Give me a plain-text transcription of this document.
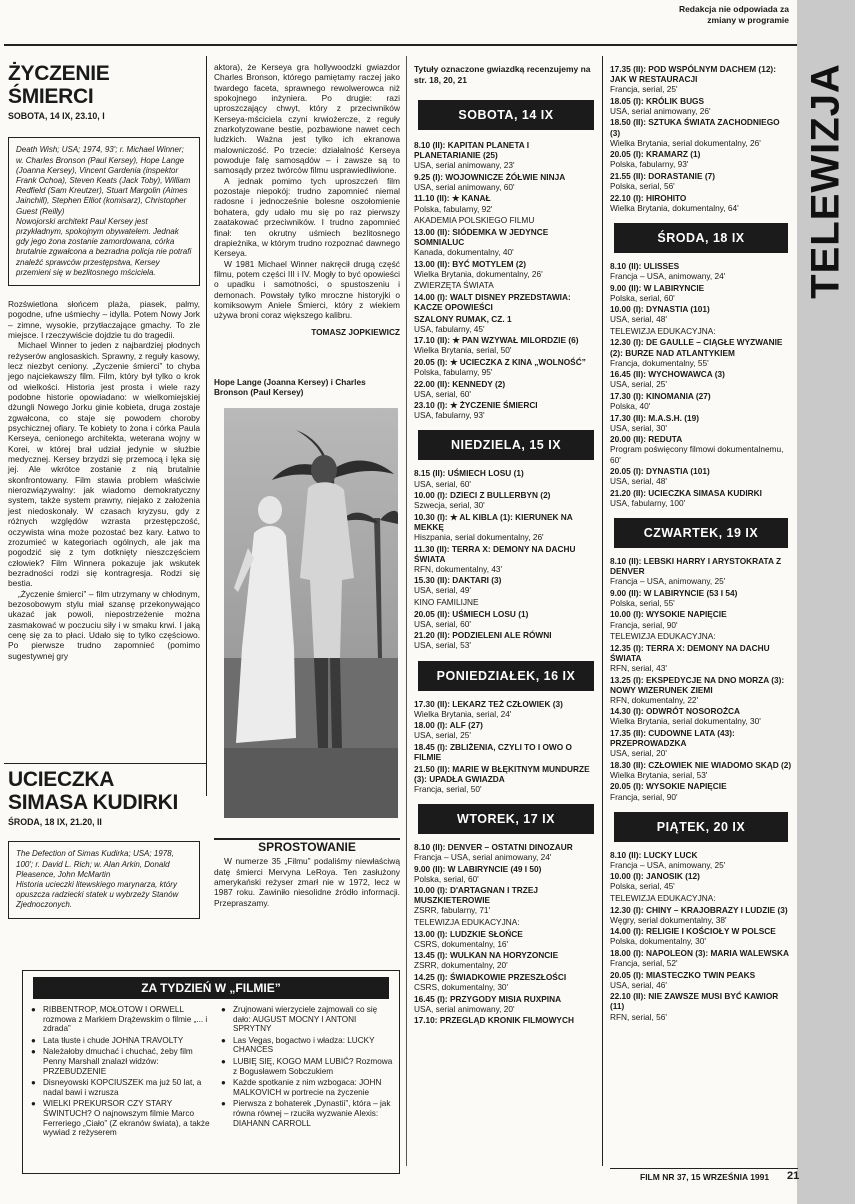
Redakcja nie odpowiada za zmiany w programie
TELEWIZJA
ŻYCZENIE
ŚMIERCI
SOBOTA, 14 IX, 23.10, I
Death Wish; USA; 1974, 93'; r. Michael Winner; w. Charles Bronson (Paul Kersey), Hope Lange (Joanna Kersey), Vincent Gardenia (inspektor Frank Ochoa), Steven Keats (Jack Toby), William Redfield (Sam Kreutzer), Stuart Margolin (Aimes Jainchill), Stephen Elliot (komisarz), Christopher Guest (Reilly)
Nowojorski architekt Paul Kersey jest przykładnym, spokojnym obywatelem. Jednak gdy jego żona zostanie zamordowana, córka brutalnie zgwałcona a bezradna policja nie potrafi znaleźć sprawców przestępstwa, Kersey przemieni się w bezlitosnego mściciela.

Rozświetlona słońcem plaża, piasek, palmy, pogodne, ufne uśmiechy – idylla. Potem Nowy Jork – zimne, wysokie, przytłaczające gmachy. To zle miejsce. I rzeczywiście dojdzie tu do tragedii.

Michael Winner to jeden z najbardziej płodnych reżyserów anglosaskich. Sprawny, z reguły kasowy, lecz niezbyt ceniony. „Życzenie śmierci” to chyba jego najciekawszy film. Film, który był tylko o krok od wielkości. Historia jest prosta i wiele razy podobne historie opowiadano: w wielkomiejskiej dżungli Nowego Jorku ginie kobieta, druga zostaje zgwałcona, co staje się powodem choroby psychicznej ofiary. Te kobiety to żona i córka Paula Kerseya, cenionego architekta, weterana wojny w Korei, w której brał udział jedynie w służbie medycznej. Kersey brzydzi się przemocą i lęka się jej. Ale wkrótce zostanie z nią brutalnie skonfrontowany. Film stawia problem właściwie nierozwiązywalny: jak wiadomo demokratyczny system, także system prawny, niejako z założenia jest niedoskonały. W czasach kryzysu, gdy z różnych względów wzrasta przestępczość, oczywista wina może pozostać bez kary. Łatwo to zrozumieć w kategoriach ogólnych, ale jak ma pogodzić się z tym dotknięty nieszczęściem człowiek? Film Winnera pokazuje jak wskutek bezradności rodzi się kontragresja. Rodzi się bestia.

„Życzenie śmierci” – film utrzymany w chłodnym, bezosobowym stylu miał szansę przekonywająco ukazać jak powoli, niepostrzeżenie można zasmakować w poczuciu siły i w smaku krwi. I jaką cenę się za to płaci. Udało się to tylko częściowo. Po pierwsze trudno zapomnieć (pomimo sugestywnej gry

aktora), że Kerseya gra hollywoodzki gwiazdor Charles Bronson, którego pamiętamy raczej jako twardego faceta, sprawnego rewolwerowca niż spokojnego inżyniera. Po drugie: razi uproszczający chwyt, który z przeciwników Kerseya-mściciela czyni krwiożercze, z reguły znarkotyzowane bestie, pozbawione nawet cech ludzkich. Ważna jest tylko ich ekranowa malowniczość. Po trzecie: działalność Kerseya powoduje falę samosądów – i zawsze są to samosądy przez twórców filmu usprawiedliwione.

A jednak pomimo tych uproszczeń film pozostaje niepokój: trudno zapomnieć niemal radosne i jednocześnie bolesne oszołomienie bohatera, gdy udało mu się po raz pierwszy zaatakować przeciwników. I trudno zapomnieć finał: ten okrutny uśmiech bezlitosnego drapieżnika, w którym trudno rozpoznać dawnego Kerseya.

W 1981 Michael Winner nakręcił drugą część filmu, potem części III i IV. Mogły to być opowieści o upadku i samotności, o spustoszeniu i demonach. Powstały tylko mroczne historyjki o komiksowym Aniele Śmierci, który z wiekiem używa broni coraz większego kalibru.

TOMASZ JOPKIEWICZ
Hope Lange (Joanna Kersey) i Charles Bronson (Paul Kersey)
UCIECZKA
SIMASA KUDIRKI
ŚRODA, 18 IX, 21.20, II
The Defection of Simas Kudirka; USA; 1978, 100'; r. David L. Rich; w. Alan Arkin, Donald Pleasence, John McMartin
Historia ucieczki litewskiego marynarza, który opuszcza radziecki statek u wybrzeży Stanów Zjednoczonych.
SPROSTOWANIE
W numerze 35 „Filmu” podaliśmy niewłaściwą datę śmierci Mervyna LeRoya. Ten zasłużony amerykański reżyser zmarł nie w 1972, lecz w 1987 roku. Zawiniło niesolidne źródło informacji. Przepraszamy.
ZA TYDZIEŃ W „FILMIE”
● RIBBENTROP, MOŁOTOW I ORWELL rozmowa z Markiem Drążewskim o filmie „... i zdrada”
● Lata tłuste i chude JOHNA TRAVOLTY
● Należałoby dmuchać i chuchać, żeby film Penny Marshall znalazł widzów: PRZEBUDZENIE
● Disneyowski KOPCIUSZEK ma już 50 lat, a nadal bawi i wzrusza
● WIELKI PREKURSOR CZY STARY ŚWINTUCH? O najnowszym filmie Marco Ferreriego „Ciało” (Z ekranów świata), a także wywiad z reżyserem
● Zrujnowani wierzyciele zajmowali co się dało: AUGUST MOCNY I ANTONI SPRYTNY
● Las Vegas, bogactwo i władza: LUCKY CHANCES
● LUBIĘ SIĘ, KOGO MAM LUBIĆ? Rozmowa z Bogusławem Sobczukiem
● Każde spotkanie z nim wzbogaca: JOHN MALKOVICH w portrecie na życzenie
● Pierwsza z bohaterek „Dynastii”, która – jak równa równej – rzuciła wyzwanie Alexis: DIAHANN CARROLL
Tytuły oznaczone gwiazdką recenzujemy na str. 18, 20, 21
SOBOTA, 14 IX
8.10 (II): KAPITAN PLANETA I PLANETARIANIE (25)
USA, serial animowany, 23'
9.25 (I): WOJOWNICZE ŻÓŁWIE NINJA
USA, serial animowany, 60'
11.10 (II): ★ KANAŁ
Polska, fabularny, 92'
AKADEMIA POLSKIEGO FILMU
13.00 (II): SIÓDEMKA W JEDYNCE SOMNIALUC
Kanada, dokumentalny, 40'
13.00 (II): BYĆ MOTYLEM (2)
Wielka Brytania, dokumentalny, 26'
ZWIERZĘTA ŚWIATA
14.00 (I): WALT DISNEY PRZEDSTAWIA: KACZE OPOWIEŚCI
SZALONY RUMAK, CZ. 1
USA, fabularny, 45'
17.10 (II): ★ PAN WZYWAŁ MILORDZIE (6)
Wielka Brytania, serial, 50'
20.05 (I): ★ UCIECZKA Z KINA „WOLNOŚĆ”
Polska, fabularny, 95'
22.00 (II): KENNEDY (2)
USA, serial, 60'
23.10 (I): ★ ŻYCZENIE ŚMIERCI
USA, fabularny, 93'
NIEDZIELA, 15 IX
8.15 (II): UŚMIECH LOSU (1)
USA, serial, 60'
10.00 (I): DZIECI Z BULLERBYN (2)
Szwecja, serial, 30'
10.30 (I): ★ AL KIBLA (1): KIERUNEK NA MEKKĘ
Hiszpania, serial dokumentalny, 26'
11.30 (II): TERRA X: DEMONY NA DACHU ŚWIATA
RFN, dokumentalny, 43'
15.30 (II): DAKTARI (3)
USA, serial, 49'
KINO FAMILIJNE
20.05 (II): UŚMIECH LOSU (1)
USA, serial, 60'
21.20 (II): PODZIELENI ALE RÓWNI
USA, serial, 53'
PONIEDZIAŁEK, 16 IX
17.30 (II): LEKARZ TEŻ CZŁOWIEK (3)
Wielka Brytania, serial, 24'
18.00 (I): ALF (27)
USA, serial, 25'
18.45 (I): ZBLIŻENIA, CZYLI TO I OWO O FILMIE
21.50 (II): MARIE W BŁĘKITNYM MUNDURZE (3): UPADŁA GWIAZDA
Francja, serial, 50'
WTOREK, 17 IX
8.10 (II): DENVER – OSTATNI DINOZAUR
Francja – USA, serial animowany, 24'
9.00 (II): W LABIRYNCIE (49 I 50)
Polska, serial, 60'
10.00 (I): D'ARTAGNAN I TRZEJ MUSZKIETEROWIE
ZSRR, fabularny, 71'
TELEWIZJA EDUKACYJNA:
13.00 (I): LUDZKIE SŁOŃCE
CSRS, dokumentalny, 16'
13.45 (I): WULKAN NA HORYZONCIE
ZSRR, dokumentalny, 20'
14.25 (I): ŚWIADKOWIE PRZESZŁOŚCI
CSRS, dokumentalny, 30'
16.45 (I): PRZYGODY MISIA RUXPINA
USA, serial animowany, 20'
17.10: PRZEGLĄD KRONIK FILMOWYCH
17.35 (II): POD WSPÓLNYM DACHEM (12): JAK W RESTAURACJI
Francja, serial, 25'
18.05 (I): KRÓLIK BUGS
USA, serial animowany, 26'
18.50 (II): SZTUKA ŚWIATA ZACHODNIEGO (3)
Wielka Brytania, serial dokumentalny, 26'
20.05 (I): KRAMARZ (1)
Polska, fabularny, 93'
21.55 (II): DORASTANIE (7)
Polska, serial, 56'
22.10 (I): HIROHITO
Wielka Brytania, dokumentalny, 64'
ŚRODA, 18 IX
8.10 (II): ULISSES
Francja – USA, animowany, 24'
9.00 (II): W LABIRYNCIE
Polska, serial, 60'
10.00 (I): DYNASTIA (101)
USA, serial, 48'
TELEWIZJA EDUKACYJNA:
12.30 (I): DE GAULLE – CIĄGŁE WYZWANIE (2): BURZE NAD ATLANTYKIEM
Francja, dokumentalny, 55'
16.45 (II): WYCHOWAWCA (3)
USA, serial, 25'
17.30 (I): KINOMANIA (27)
Polska, 40'
17.30 (II): M.A.S.H. (19)
USA, serial, 30'
20.00 (II): REDUTA
Program poświęcony filmowi dokumentalnemu, 60'
20.05 (I): DYNASTIA (101)
USA, serial, 48'
21.20 (II): UCIECZKA SIMASA KUDIRKI
USA, fabularny, 100'
CZWARTEK, 19 IX
8.10 (II): LEBSKI HARRY I ARYSTOKRATA Z DENVER
Francja – USA, animowany, 25'
9.00 (II): W LABIRYNCIE (53 I 54)
Polska, serial, 55'
10.00 (I): WYSOKIE NAPIĘCIE
Francja, serial, 90'
TELEWIZJA EDUKACYJNA:
12.35 (I): TERRA X: DEMONY NA DACHU ŚWIATA
RFN, serial, 43'
13.25 (I): EKSPEDYCJE NA DNO MORZA (3): NOWY WIZERUNEK ZIEMI
RFN, dokumentalny, 22'
14.30 (I): ODWRÓT NOSOROŻCA
Wielka Brytania, serial dokumentalny, 30'
17.35 (II): CUDOWNE LATA (43): PRZEPROWADZKA
USA, serial, 20'
18.30 (II): CZŁOWIEK NIE WIADOMO SKĄD (2)
Wielka Brytania, serial, 53'
20.05 (I): WYSOKIE NAPIĘCIE
Francja, serial, 90'
PIĄTEK, 20 IX
8.10 (II): LUCKY LUCK
Francja – USA, animowany, 25'
10.00 (I): JANOSIK (12)
Polska, serial, 45'
TELEWIZJA EDUKACYJNA:
12.30 (I): CHINY – KRAJOBRAZY I LUDZIE (3)
Węgry, serial dokumentalny, 38'
14.00 (I): RELIGIE I KOŚCIOŁY W POLSCE
Polska, dokumentalny, 30'
18.00 (I): NAPOLEON (3): MARIA WALEWSKA
Francja, serial, 52'
20.05 (I): MIASTECZKO TWIN PEAKS
USA, serial, 46'
22.10 (II): NIE ZAWSZE MUSI BYĆ KAWIOR (11)
RFN, serial, 56'
FILM NR 37, 15 WRZEŚNIA 1991 21
